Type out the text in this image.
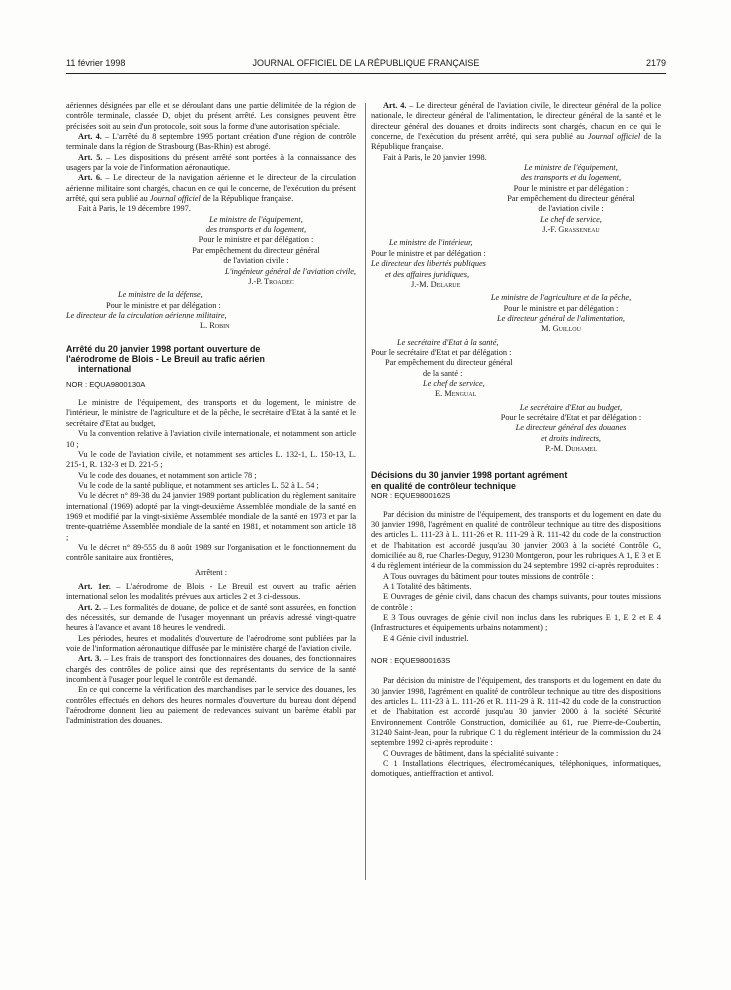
11 février 1998	JOURNAL OFFICIEL DE LA RÉPUBLIQUE FRANÇAISE	2179

aériennes désignées par elle et se déroulant dans une partie délimitée de la région de contrôle terminale, classée D, objet du présent arrêté. Les consignes peuvent être précisées soit au sein d'un protocole, soit sous la forme d'une autorisation spéciale.

Art. 4. – L'arrêté du 8 septembre 1995 portant création d'une région de contrôle terminale dans la région de Strasbourg (Bas-Rhin) est abrogé.

Art. 5. – Les dispositions du présent arrêté sont portées à la connaissance des usagers par la voie de l'information aéronautique.

Art. 6. – Le directeur de la navigation aérienne et le directeur de la circulation aérienne militaire sont chargés, chacun en ce qui le concerne, de l'exécution du présent arrêté, qui sera publié au Journal officiel de la République française.

Fait à Paris, le 19 décembre 1997.

Le ministre de l'équipement,

des transports et du logement,

Pour le ministre et par délégation :

Par empêchement du directeur général

de l'aviation civile :

L'ingénieur général de l'aviation civile,

J.-P. Troadec

Le ministre de la défense,

Pour le ministre et par délégation :

Le directeur de la circulation aérienne militaire,

L. Robin

Arrêté du 20 janvier 1998 portant ouverture de

l'aérodrome de Blois - Le Breuil au trafic aérien

international

NOR : EQUA9800130A

Le ministre de l'équipement, des transports et du logement, le ministre de l'intérieur, le ministre de l'agriculture et de la pêche, le secrétaire d'Etat à la santé et le secrétaire d'Etat au budget,

Vu la convention relative à l'aviation civile internationale, et notamment son article 10 ;

Vu le code de l'aviation civile, et notamment ses articles L. 132-1, L. 150-13, L. 215-1, R. 132-3 et D. 221-5 ;

Vu le code des douanes, et notamment son article 78 ;

Vu le code de la santé publique, et notamment ses articles L. 52 à L. 54 ;

Vu le décret n° 89-38 du 24 janvier 1989 portant publication du règlement sanitaire international (1969) adopté par la vingt-deuxième Assemblée mondiale de la santé en 1969 et modifié par la vingt-sixième Assemblée mondiale de la santé en 1973 et par la trente-quatrième Assemblée mondiale de la santé en 1981, et notamment son article 18 ;

Vu le décret n° 89-555 du 8 août 1989 sur l'organisation et le fonctionnement du contrôle sanitaire aux frontières,

Arrêtent :

Art. 1er. – L'aérodrome de Blois - Le Breuil est ouvert au trafic aérien international selon les modalités prévues aux articles 2 et 3 ci-dessous.

Art. 2. – Les formalités de douane, de police et de santé sont assurées, en fonction des nécessités, sur demande de l'usager moyennant un préavis adressé vingt-quatre heures à l'avance et avant 18 heures le vendredi.

Les périodes, heures et modalités d'ouverture de l'aérodrome sont publiées par la voie de l'information aéronautique diffusée par le ministère chargé de l'aviation civile.

Art. 3. – Les frais de transport des fonctionnaires des douanes, des fonctionnaires chargés des contrôles de police ainsi que des représentants du service de la santé incombent à l'usager pour lequel le contrôle est demandé.

En ce qui concerne la vérification des marchandises par le service des douanes, les contrôles effectués en dehors des heures normales d'ouverture du bureau dont dépend l'aérodrome donnent lieu au paiement de redevances suivant un barème établi par l'administration des douanes.

Art. 4. – Le directeur général de l'aviation civile, le directeur général de la police nationale, le directeur général de l'alimentation, le directeur général de la santé et le directeur général des douanes et droits indirects sont chargés, chacun en ce qui le concerne, de l'exécution du présent arrêté, qui sera publié au Journal officiel de la République française.

Fait à Paris, le 20 janvier 1998.

Le ministre de l'équipement,

des transports et du logement,

Pour le ministre et par délégation :

Par empêchement du directeur général

de l'aviation civile :

Le chef de service,

J.-F. Grasseneau

Le ministre de l'intérieur,

Pour le ministre et par délégation :

Le directeur des libertés publiques

et des affaires juridiques,

J.-M. Delarue

Le ministre de l'agriculture et de la pêche,

Pour le ministre et par délégation :

Le directeur général de l'alimentation,

M. Guillou

Le secrétaire d'Etat à la santé,

Pour le secrétaire d'Etat et par délégation :

Par empêchement du directeur général

de la santé :

Le chef de service,

E. Mengual

Le secrétaire d'Etat au budget,

Pour le secrétaire d'Etat et par délégation :

Le directeur général des douanes

et droits indirects,

P.-M. Duhamel

Décisions du 30 janvier 1998 portant agrément

en qualité de contrôleur technique

NOR : EQUE9800162S

Par décision du ministre de l'équipement, des transports et du logement en date du 30 janvier 1998, l'agrément en qualité de contrôleur technique au titre des dispositions des articles L. 111-23 à L. 111-26 et R. 111-29 à R. 111-42 du code de la construction et de l'habitation est accordé jusqu'au 30 janvier 2003 à la société Contrôle G, domiciliée au 8, rue Charles-Deguy, 91230 Montgeron, pour les rubriques A 1, E 3 et E 4 du règlement intérieur de la commission du 24 septembre 1992 ci-après reproduites :

A Tous ouvrages du bâtiment pour toutes missions de contrôle :

A 1 Totalité des bâtiments.

E Ouvrages de génie civil, dans chacun des champs suivants, pour toutes missions de contrôle :

E 3 Tous ouvrages de génie civil non inclus dans les rubriques E 1, E 2 et E 4 (Infrastructures et équipements urbains notamment) ;

E 4 Génie civil industriel.

NOR : EQUE9800163S

Par décision du ministre de l'équipement, des transports et du logement en date du 30 janvier 1998, l'agrément en qualité de contrôleur technique au titre des dispositions des articles L. 111-23 à L. 111-26 et R. 111-29 à R. 111-42 du code de la construction et de l'habitation est accordé jusqu'au 30 janvier 2000 à la société Sécurité Environnement Contrôle Construction, domiciliée au 61, rue Pierre-de-Coubertin, 31240 Saint-Jean, pour la rubrique C 1 du règlement intérieur de la commission du 24 septembre 1992 ci-après reproduite :

C Ouvrages de bâtiment, dans la spécialité suivante :

C 1 Installations électriques, électromécaniques, téléphoniques, informatiques, domotiques, antieffraction et antivol.
